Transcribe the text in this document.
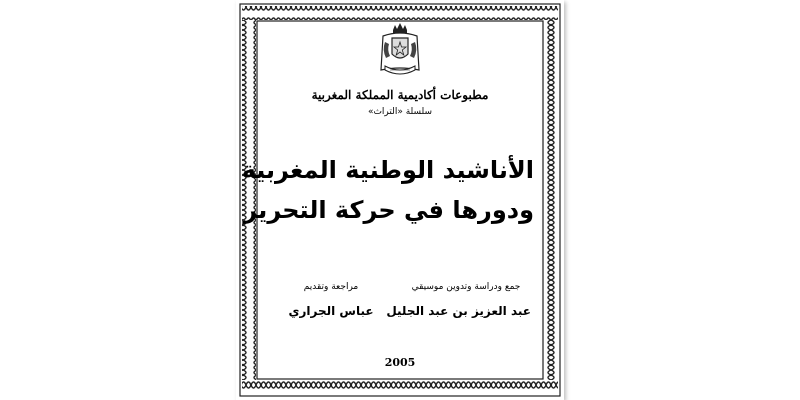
مطبوعات أكاديمية المملكة المغربية
سلسلة «التراث»
الأناشيد الوطنية المغربية
ودورها في حركة التحرير
جمع ودراسة وتدوين موسيقي
مراجعة وتقديم
عبد العزيز بن عبد الجليل
عباس الجراري
2005
